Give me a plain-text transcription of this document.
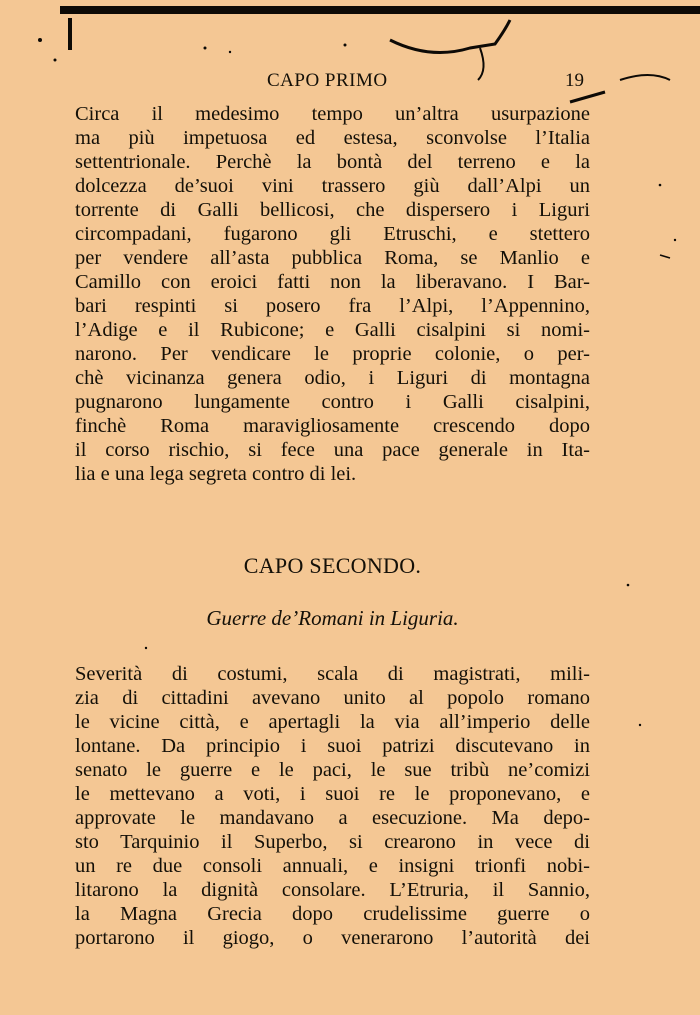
CAPO PRIMO	19
Circa il medesimo tempo un’altra usurpazione
ma più impetuosa ed estesa, sconvolse l’Italia
settentrionale. Perchè la bontà del terreno e la
dolcezza de’suoi vini trassero giù dall’Alpi un
torrente di Galli bellicosi, che dispersero i Liguri
circompadani, fugarono gli Etruschi, e stettero
per vendere all’asta pubblica Roma, se Manlio e
Camillo con eroici fatti non la liberavano. I Bar-
bari respinti si posero fra l’Alpi, l’Appennino,
l’Adige e il Rubicone; e Galli cisalpini si nomi-
narono. Per vendicare le proprie colonie, o per-
chè vicinanza genera odio, i Liguri di montagna
pugnarono lungamente contro i Galli cisalpini,
finchè Roma maravigliosamente crescendo dopo
il corso rischio, si fece una pace generale in Ita-
lia e una lega segreta contro di lei.
CAPO SECONDO.
Guerre de’Romani in Liguria.
Severità di costumi, scala di magistrati, mili-
zia di cittadini avevano unito al popolo romano
le vicine città, e apertagli la via all’imperio delle
lontane. Da principio i suoi patrizi discutevano in
senato le guerre e le paci, le sue tribù ne’comizi
le mettevano a voti, i suoi re le proponevano, e
approvate le mandavano a esecuzione. Ma depo-
sto Tarquinio il Superbo, si crearono in vece di
un re due consoli annuali, e insigni trionfi nobi-
litarono la dignità consolare. L’Etruria, il Sannio,
la Magna Grecia dopo crudelissime guerre o
portarono il giogo, o venerarono l’autorità dei
